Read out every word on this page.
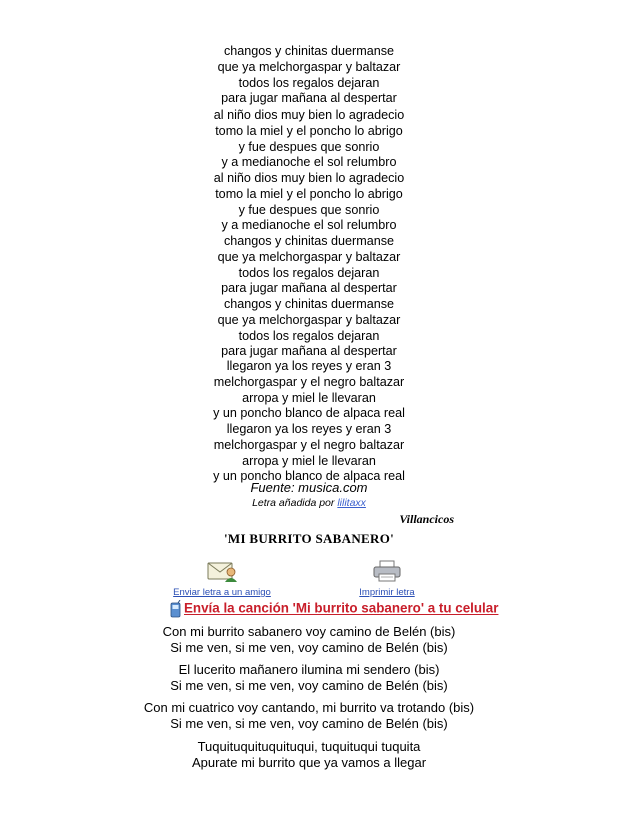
changos y chinitas duermanse
que ya melchorgaspar y baltazar
todos los regalos dejaran
para jugar mañana al despertar
al niño dios muy bien lo agradecio
tomo la miel y el poncho lo abrigo
y fue despues que sonrio
y a medianoche el sol relumbro
al niño dios muy bien lo agradecio
tomo la miel y el poncho lo abrigo
y fue despues que sonrio
y a medianoche el sol relumbro
changos y chinitas duermanse
que ya melchorgaspar y baltazar
todos los regalos dejaran
para jugar mañana al despertar
changos y chinitas duermanse
que ya melchorgaspar y baltazar
todos los regalos dejaran
para jugar mañana al despertar
llegaron ya los reyes y eran 3
melchorgaspar y el negro baltazar
arropa y miel le llevaran
y un poncho blanco de alpaca real
llegaron ya los reyes y eran 3
melchorgaspar y el negro baltazar
arropa y miel le llevaran
y un poncho blanco de alpaca real
Fuente: musica.com
Letra añadida por lilitaxx
Villancicos
'MI BURRITO SABANERO'
Enviar letra a un amigo	Imprimir letra
Envía la canción 'Mi burrito sabanero' a tu celular
Con mi burrito sabanero voy camino de Belén (bis)
Si me ven, si me ven, voy camino de Belén (bis)
El lucerito mañanero ilumina mi sendero (bis)
Si me ven, si me ven, voy camino de Belén (bis)
Con mi cuatrico voy cantando, mi burrito va trotando (bis)
Si me ven, si me ven, voy camino de Belén (bis)
Tuquituquituquituqui, tuquituqui tuquita
Apurate mi burrito que ya vamos a llegar
